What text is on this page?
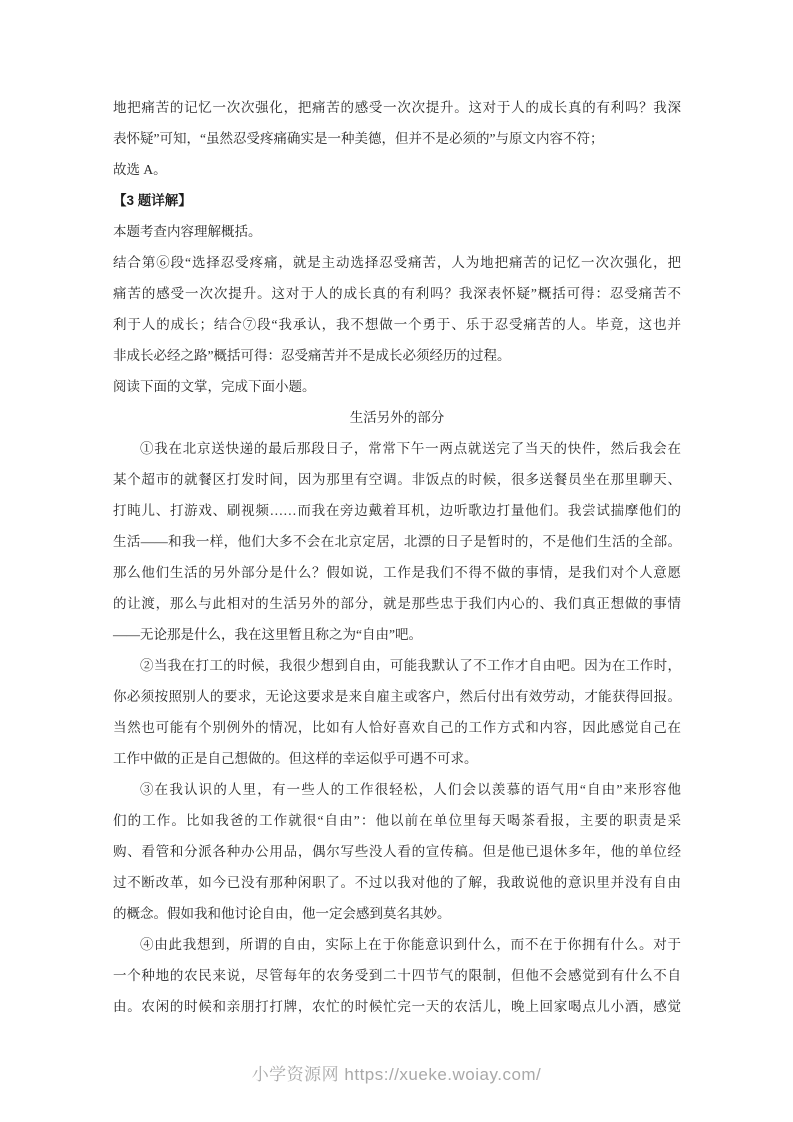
地把痛苦的记忆一次次强化，把痛苦的感受一次次提升。这对于人的成长真的有利吗？我深
表怀疑”可知，“虽然忍受疼痛确实是一种美德，但并不是必须的”与原文内容不符；
故选 A。
【3 题详解】
本题考查内容理解概括。
结合第⑥段“选择忍受疼痛，就是主动选择忍受痛苦，人为地把痛苦的记忆一次次强化，把
痛苦的感受一次次提升。这对于人的成长真的有利吗？我深表怀疑”概括可得：忍受痛苦不
利于人的成长；结合⑦段“我承认，我不想做一个勇于、乐于忍受痛苦的人。毕竟，这也并
非成长必经之路”概括可得：忍受痛苦并不是成长必须经历的过程。
阅读下面的文掌，完成下面小题。
生活另外的部分
①我在北京送快递的最后那段日子，常常下午一两点就送完了当天的快件，然后我会在
某个超市的就餐区打发时间，因为那里有空调。非饭点的时候，很多送餐员坐在那里聊天、
打盹儿、打游戏、刷视频……而我在旁边戴着耳机，边听歌边打量他们。我尝试揣摩他们的
生活——和我一样，他们大多不会在北京定居，北漂的日子是暂时的，不是他们生活的全部。
那么他们生活的另外部分是什么？假如说，工作是我们不得不做的事情，是我们对个人意愿
的让渡，那么与此相对的生活另外的部分，就是那些忠于我们内心的、我们真正想做的事情
——无论那是什么，我在这里暂且称之为“自由”吧。
②当我在打工的时候，我很少想到自由，可能我默认了不工作才自由吧。因为在工作时，
你必须按照别人的要求，无论这要求是来自雇主或客户，然后付出有效劳动，才能获得回报。
当然也可能有个别例外的情况，比如有人恰好喜欢自己的工作方式和内容，因此感觉自己在
工作中做的正是自己想做的。但这样的幸运似乎可遇不可求。
③在我认识的人里，有一些人的工作很轻松，人们会以羡慕的语气用“自由”来形容他
们的工作。比如我爸的工作就很“自由”：他以前在单位里每天喝茶看报，主要的职责是采
购、看管和分派各种办公用品，偶尔写些没人看的宣传稿。但是他已退休多年，他的单位经
过不断改革，如今已没有那种闲职了。不过以我对他的了解，我敢说他的意识里并没有自由
的概念。假如我和他讨论自由，他一定会感到莫名其妙。
④由此我想到，所谓的自由，实际上在于你能意识到什么，而不在于你拥有什么。对于
一个种地的农民来说，尽管每年的农务受到二十四节气的限制，但他不会感觉到有什么不自
由。农闲的时候和亲朋打打牌，农忙的时候忙完一天的农活儿，晚上回家喝点儿小酒，感觉
小学资源网 https://xueke.woiay.com/
